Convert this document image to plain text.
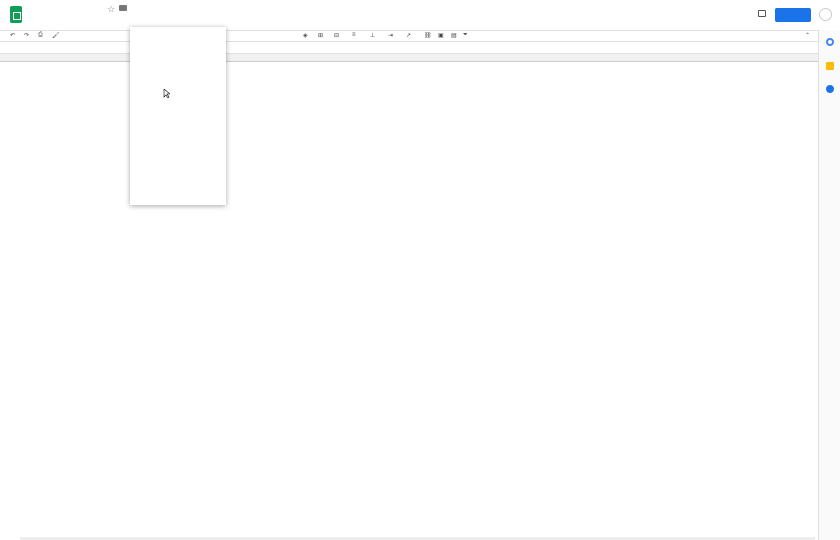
☆
↶ ↷ ⎙ 🖌	◈ ⊞ ⊟ ≡ ⊥ ⇥ ↗ ⛓ ▣ ▤ ⏷	⌃
